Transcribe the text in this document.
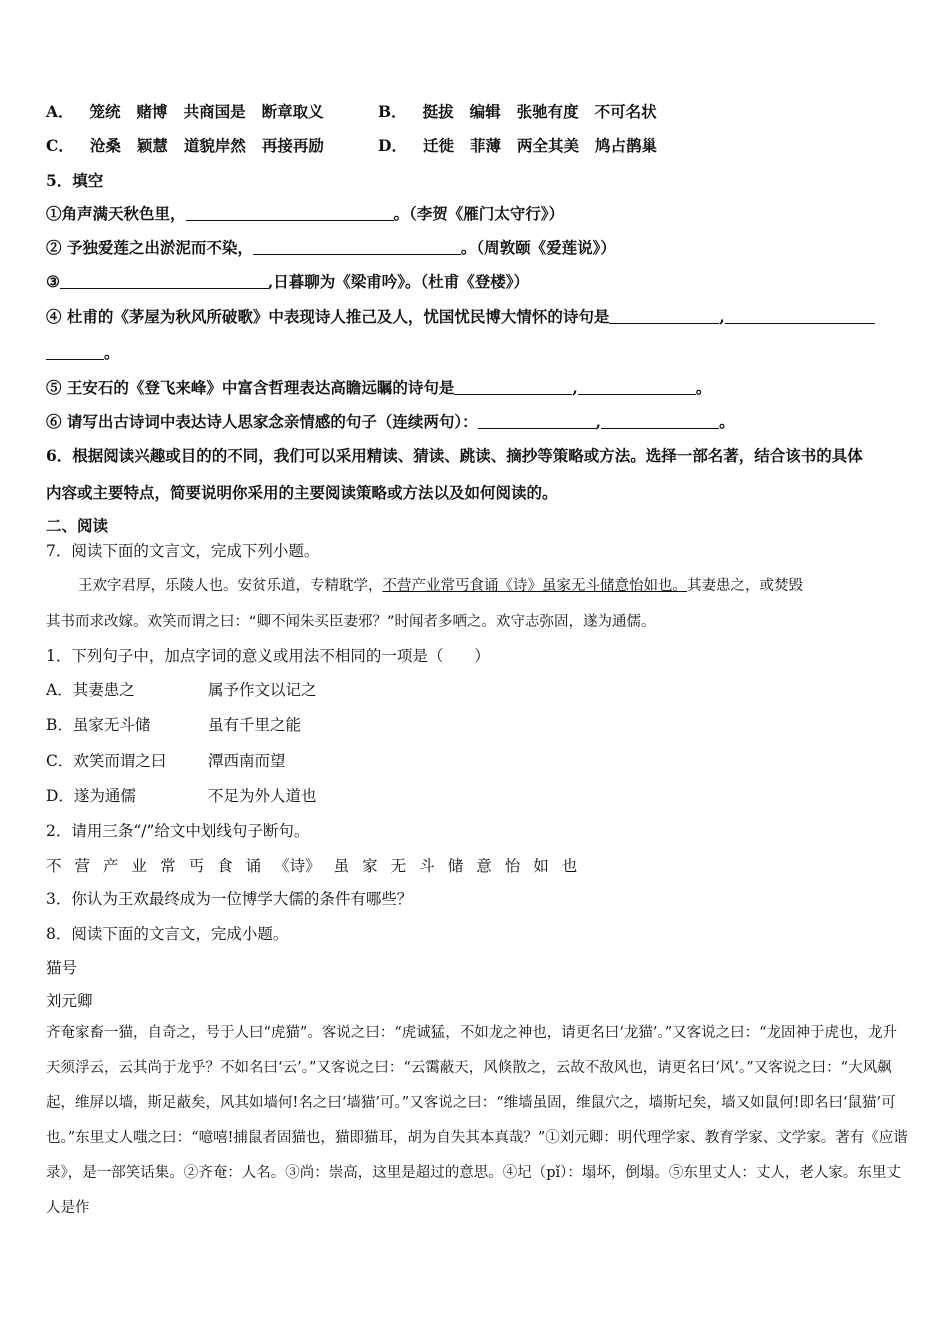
A． 笼统 赌博 共商国是 断章取义	B． 挺拔 编辑 张驰有度 不可名状
C． 沧桑 颖慧 道貌岸然 再接再励	D． 迁徙 菲薄 两全其美 鸠占鹊巢
5．填空
①角声满天秋色里，	。（李贺《雁门太守行》）
② 予独爱莲之出淤泥而不染，	。（周敦颐《爱莲说》）
③	,日暮聊为《梁甫吟》。（杜甫《登楼》）
④ 杜甫的《茅屋为秋风所破歌》中表现诗人推己及人，忧国忧民博大情怀的诗句是	,
。
⑤ 王安石的《登飞来峰》中富含哲理表达高瞻远瞩的诗句是	,	。
⑥ 请写出古诗词中表达诗人思家念亲情感的句子（连续两句）：	,	。
6．根据阅读兴趣或目的的不同，我们可以采用精读、猜读、跳读、摘抄等策略或方法。选择一部名著，结合该书的具体
内容或主要特点，简要说明你采用的主要阅读策略或方法以及如何阅读的。
二、阅读
7．阅读下面的文言文，完成下列小题。
王欢字君厚，乐陵人也。安贫乐道，专精耽学，不营产业常丐食诵《诗》虽家无斗储意怡如也。其妻患之，或焚毁
其书而求改嫁。欢笑而谓之曰：“卿不闻朱买臣妻邪？”时闻者多哂之。欢守志弥固，遂为通儒。
1．下列句子中，加点字词的意义或用法不相同的一项是（　　）
A．其妻患之	属予作文以记之
B．虽家无斗储	虽有千里之能
C．欢笑而谓之曰	潭西南而望
D．遂为通儒	不足为外人道也
2．请用三条“/”给文中划线句子断句。
不 营 产 业 常 丐 食 诵 《诗》 虽 家 无 斗 储 意 怡 如 也
3．你认为王欢最终成为一位博学大儒的条件有哪些？
8．阅读下面的文言文，完成小题。
猫号
刘元卿
齐奄家畜一猫，自奇之，号于人曰“虎猫”。客说之曰：“虎诚猛，不如龙之神也，请更名曰‘龙猫’。”又客说之曰：“龙固神于虎也，龙升天须浮云，云其尚于龙乎？不如名曰‘云’。”又客说之曰：“云霭蔽天，风倏散之，云故不敌风也，请更名曰‘风’。”又客说之曰：“大风飙起，维屏以墙，斯足蔽矣，风其如墙何!名之曰‘墙猫’可。”又客说之曰：“维墙虽固，维鼠穴之，墙斯圮矣，墙又如鼠何!即名曰‘鼠猫’可也。”东里丈人嗤之曰：“噫嘻!捕鼠者固猫也，猫即猫耳，胡为自失其本真哉？”①刘元卿：明代理学家、教育学家、文学家。著有《应谐录》，是一部笑话集。②齐奄：人名。③尚：崇高，这里是超过的意思。④圮（pǐ）：塌坏，倒塌。⑤东里丈人：丈人，老人家。东里丈人是作
